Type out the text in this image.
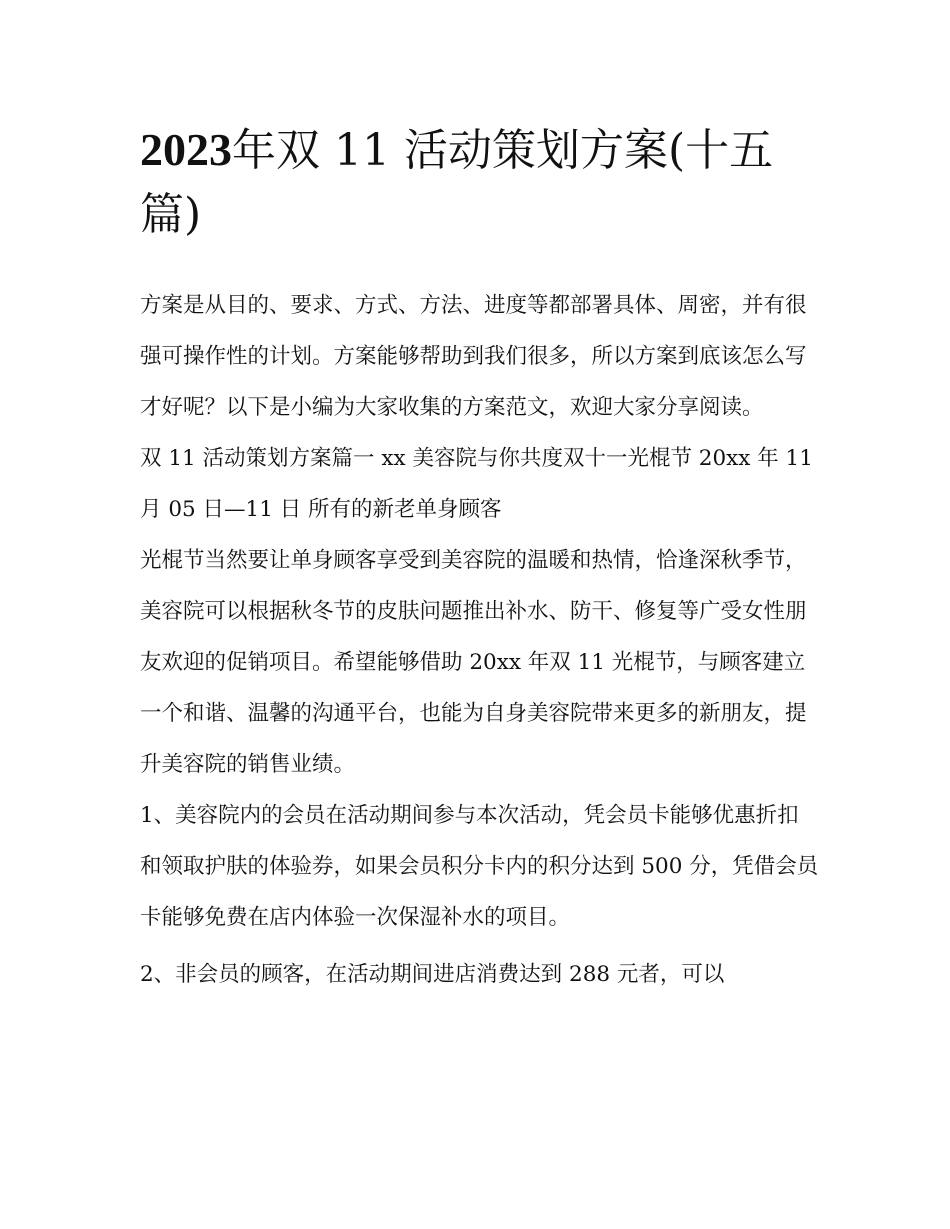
2023年双 11 活动策划方案(十五篇)

方案是从目的、要求、方式、方法、进度等都部署具体、周密，并有很强可操作性的计划。方案能够帮助到我们很多，所以方案到底该怎么写才好呢？以下是小编为大家收集的方案范文，欢迎大家分享阅读。

双 11 活动策划方案篇一 xx 美容院与你共度双十一光棍节 20xx 年 11 月 05 日—11 日 所有的新老单身顾客

光棍节当然要让单身顾客享受到美容院的温暖和热情，恰逢深秋季节，美容院可以根据秋冬节的皮肤问题推出补水、防干、修复等广受女性朋友欢迎的促销项目。希望能够借助 20xx 年双 11 光棍节，与顾客建立一个和谐、温馨的沟通平台，也能为自身美容院带来更多的新朋友，提升美容院的销售业绩。

1、美容院内的会员在活动期间参与本次活动，凭会员卡能够优惠折扣和领取护肤的体验券，如果会员积分卡内的积分达到 500 分，凭借会员卡能够免费在店内体验一次保湿补水的项目。

2、非会员的顾客，在活动期间进店消费达到 288 元者，可以
